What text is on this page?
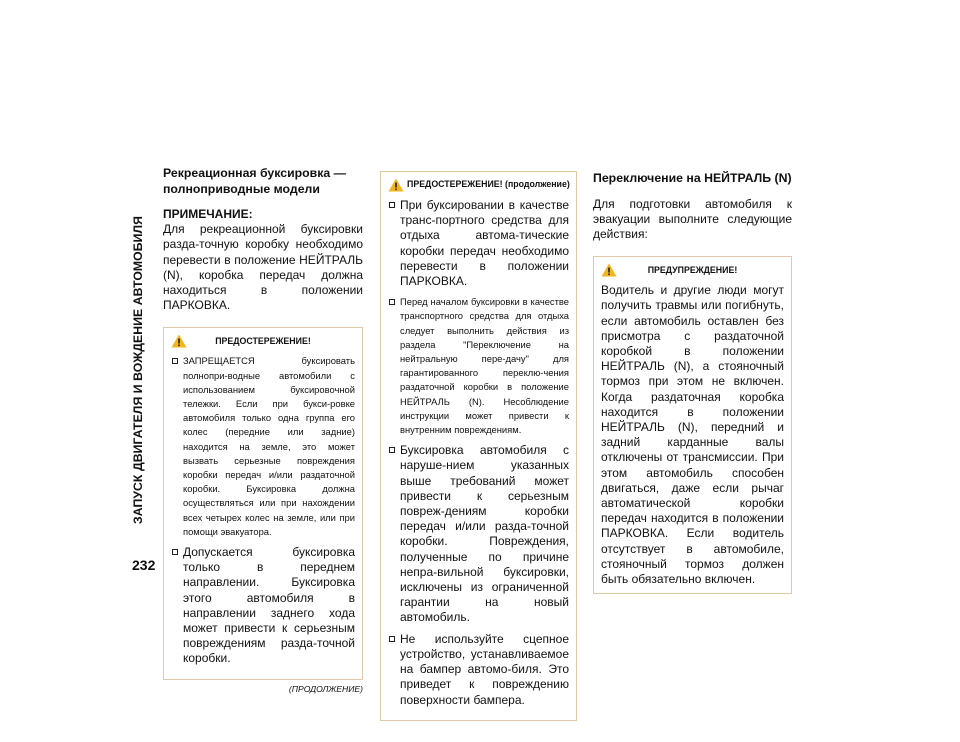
ЗАПУСК ДВИГАТЕЛЯ И ВОЖДЕНИЕ АВТОМОБИЛЯ
232
Рекреационная буксировка — полноприводные модели
ПРИМЕЧАНИЕ:

Для рекреационной буксировки разда-точную коробку необходимо перевести в положение НЕЙТРАЛЬ (N), коробка передач должна находиться в положении ПАРКОВКА.

ПРЕДОСТЕРЕЖЕНИЕ!
ЗАПРЕЩАЕТСЯ буксировать полнопри-водные автомобили с использованием буксировочной тележки. Если при букси-ровке автомобиля только одна группа его колес (передние или задние) находится на земле, это может вызвать серьезные повреждения коробки передач и/или раздаточной коробки. Буксировка должна осуществляться или при нахождении всех четырех колес на земле, или при помощи эвакуатора.
Допускается буксировка только в переднем направлении. Буксировка этого автомобиля в направлении заднего хода может привести к серьезным повреждениям разда-точной коробки.
(ПРОДОЛЖЕНИЕ)
ПРЕДОСТЕРЕЖЕНИЕ! (продолжение)
При буксировании в качестве транс-портного средства для отдыха автома-тические коробки передач необходимо перевести в положении ПАРКОВКА.
Перед началом буксировки в качестве транспортного средства для отдыха следует выполнить действия из раздела "Переключение на нейтральную пере-дачу" для гарантированного переклю-чения раздаточной коробки в положение НЕЙТРАЛЬ (N). Несоблюдение инструкции может привести к внутренним повреждениям.
Буксировка автомобиля с наруше-нием указанных выше требований может привести к серьезным повреж-дениям коробки передач и/или разда-точной коробки. Повреждения, полученные по причине непра-вильной буксировки, исключены из ограниченной гарантии на новый автомобиль.
Не используйте сцепное устройство, устанавливаемое на бампер автомо-биля. Это приведет к повреждению поверхности бампера.
Переключение на НЕЙТРАЛЬ (N)

Для подготовки автомобиля к эвакуации выполните следующие действия:

ПРЕДУПРЕЖДЕНИЕ!

Водитель и другие люди могут получить травмы или погибнуть, если автомобиль оставлен без присмотра с раздаточной коробкой в положении НЕЙТРАЛЬ (N), а стояночный тормоз при этом не включен. Когда раздаточная коробка находится в положении НЕЙТРАЛЬ (N), передний и задний карданные валы отключены от трансмиссии. При этом автомобиль способен двигаться, даже если рычаг автоматической коробки передач находится в положении ПАРКОВКА. Если водитель отсутствует в автомобиле, стояночный тормоз должен быть обязательно включен.
